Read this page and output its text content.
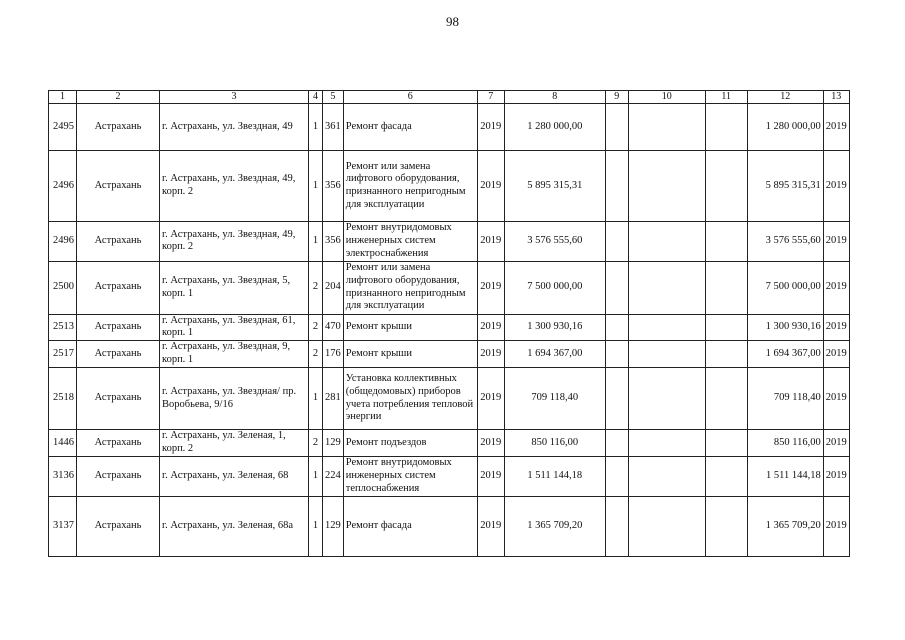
98
1	2	3	4	5	6	7	8	9	10	11	12	13
2495	Астрахань	г. Астрахань, ул. Звездная, 49	1	361	Ремонт фасада	2019	1 280 000,00				1 280 000,00	2019
2496	Астрахань	г. Астрахань, ул. Звездная, 49, корп. 2	1	356	Ремонт или замена лифтового оборудования, признанного непригодным для эксплуатации	2019	5 895 315,31				5 895 315,31	2019
2496	Астрахань	г. Астрахань, ул. Звездная, 49, корп. 2	1	356	Ремонт внутридомовых инженерных систем электроснабжения	2019	3 576 555,60				3 576 555,60	2019
2500	Астрахань	г. Астрахань, ул. Звездная, 5, корп. 1	2	204	Ремонт или замена лифтового оборудования, признанного непригодным для эксплуатации	2019	7 500 000,00				7 500 000,00	2019
2513	Астрахань	г. Астрахань, ул. Звездная, 61, корп. 1	2	470	Ремонт крыши	2019	1 300 930,16				1 300 930,16	2019
2517	Астрахань	г. Астрахань, ул. Звездная, 9, корп. 1	2	176	Ремонт крыши	2019	1 694 367,00				1 694 367,00	2019
2518	Астрахань	г. Астрахань, ул. Звездная/ пр. Воробьева, 9/16	1	281	Установка коллективных (общедомовых) приборов учета потребления тепловой энергии	2019	709 118,40				709 118,40	2019
1446	Астрахань	г. Астрахань, ул. Зеленая, 1, корп. 2	2	129	Ремонт подъездов	2019	850 116,00				850 116,00	2019
3136	Астрахань	г. Астрахань, ул. Зеленая, 68	1	224	Ремонт внутридомовых инженерных систем теплоснабжения	2019	1 511 144,18				1 511 144,18	2019
3137	Астрахань	г. Астрахань, ул. Зеленая, 68а	1	129	Ремонт фасада	2019	1 365 709,20				1 365 709,20	2019
